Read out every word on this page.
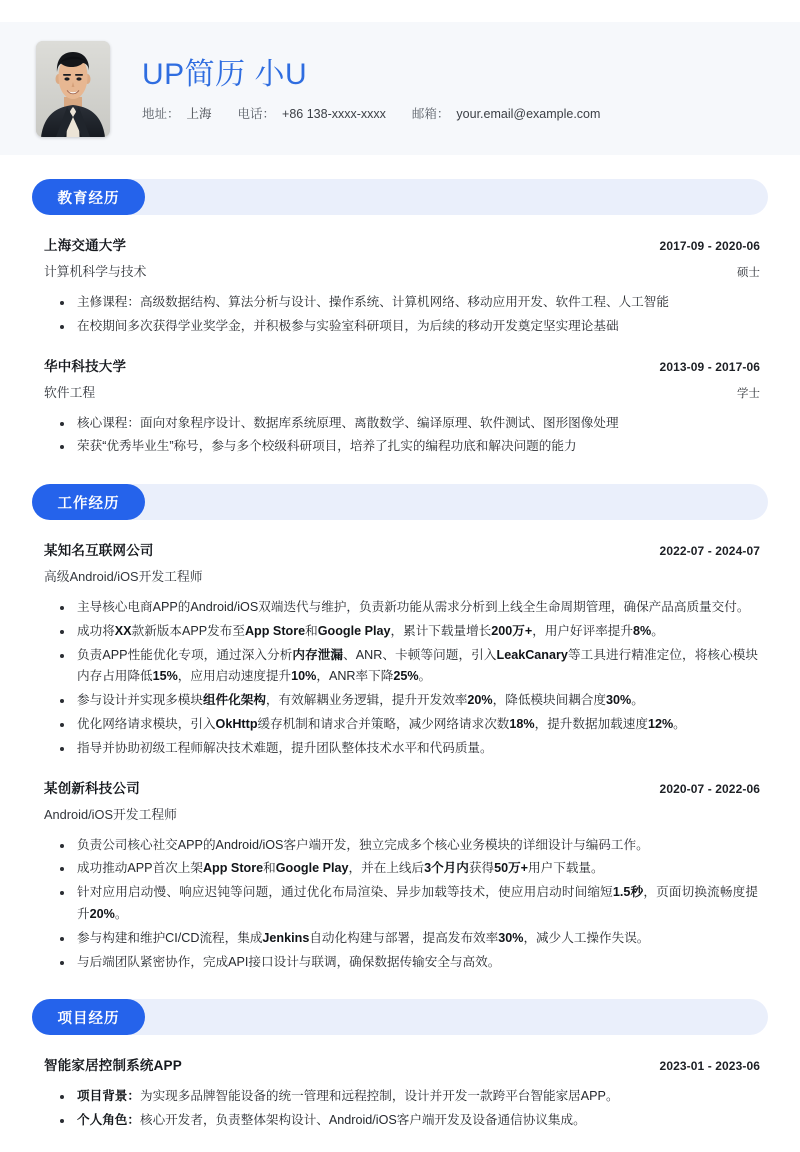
UP简历 小U
地址： 上海 电话： +86 138-xxxx-xxxx 邮箱： your.email@example.com
教育经历
上海交通大学	2017-09 - 2020-06
计算机科学与技术	硕士
主修课程：高级数据结构、算法分析与设计、操作系统、计算机网络、移动应用开发、软件工程、人工智能
在校期间多次获得学业奖学金，并积极参与实验室科研项目，为后续的移动开发奠定坚实理论基础
华中科技大学	2013-09 - 2017-06
软件工程	学士
核心课程：面向对象程序设计、数据库系统原理、离散数学、编译原理、软件测试、图形图像处理
荣获“优秀毕业生”称号，参与多个校级科研项目，培养了扎实的编程功底和解决问题的能力
工作经历
某知名互联网公司	2022-07 - 2024-07
高级Android/iOS开发工程师
主导核心电商APP的Android/iOS双端迭代与维护，负责新功能从需求分析到上线全生命周期管理，确保产品高质量交付。
成功将XX款新版本APP发布至App Store和Google Play，累计下载量增长200万+，用户好评率提升8%。
负责APP性能优化专项，通过深入分析内存泄漏、ANR、卡顿等问题，引入LeakCanary等工具进行精准定位，将核心模块内存占用降低15%，应用启动速度提升10%，ANR率下降25%。
参与设计并实现多模块组件化架构，有效解耦业务逻辑，提升开发效率20%，降低模块间耦合度30%。
优化网络请求模块，引入OkHttp缓存机制和请求合并策略，减少网络请求次数18%，提升数据加载速度12%。
指导并协助初级工程师解决技术难题，提升团队整体技术水平和代码质量。
某创新科技公司	2020-07 - 2022-06
Android/iOS开发工程师
负责公司核心社交APP的Android/iOS客户端开发，独立完成多个核心业务模块的详细设计与编码工作。
成功推动APP首次上架App Store和Google Play，并在上线后3个月内获得50万+用户下载量。
针对应用启动慢、响应迟钝等问题，通过优化布局渲染、异步加载等技术，使应用启动时间缩短1.5秒，页面切换流畅度提升20%。
参与构建和维护CI/CD流程，集成Jenkins自动化构建与部署，提高发布效率30%，减少人工操作失误。
与后端团队紧密协作，完成API接口设计与联调，确保数据传输安全与高效。
项目经历
智能家居控制系统APP	2023-01 - 2023-06
项目背景：为实现多品牌智能设备的统一管理和远程控制，设计并开发一款跨平台智能家居APP。
个人角色：核心开发者，负责整体架构设计、Android/iOS客户端开发及设备通信协议集成。
